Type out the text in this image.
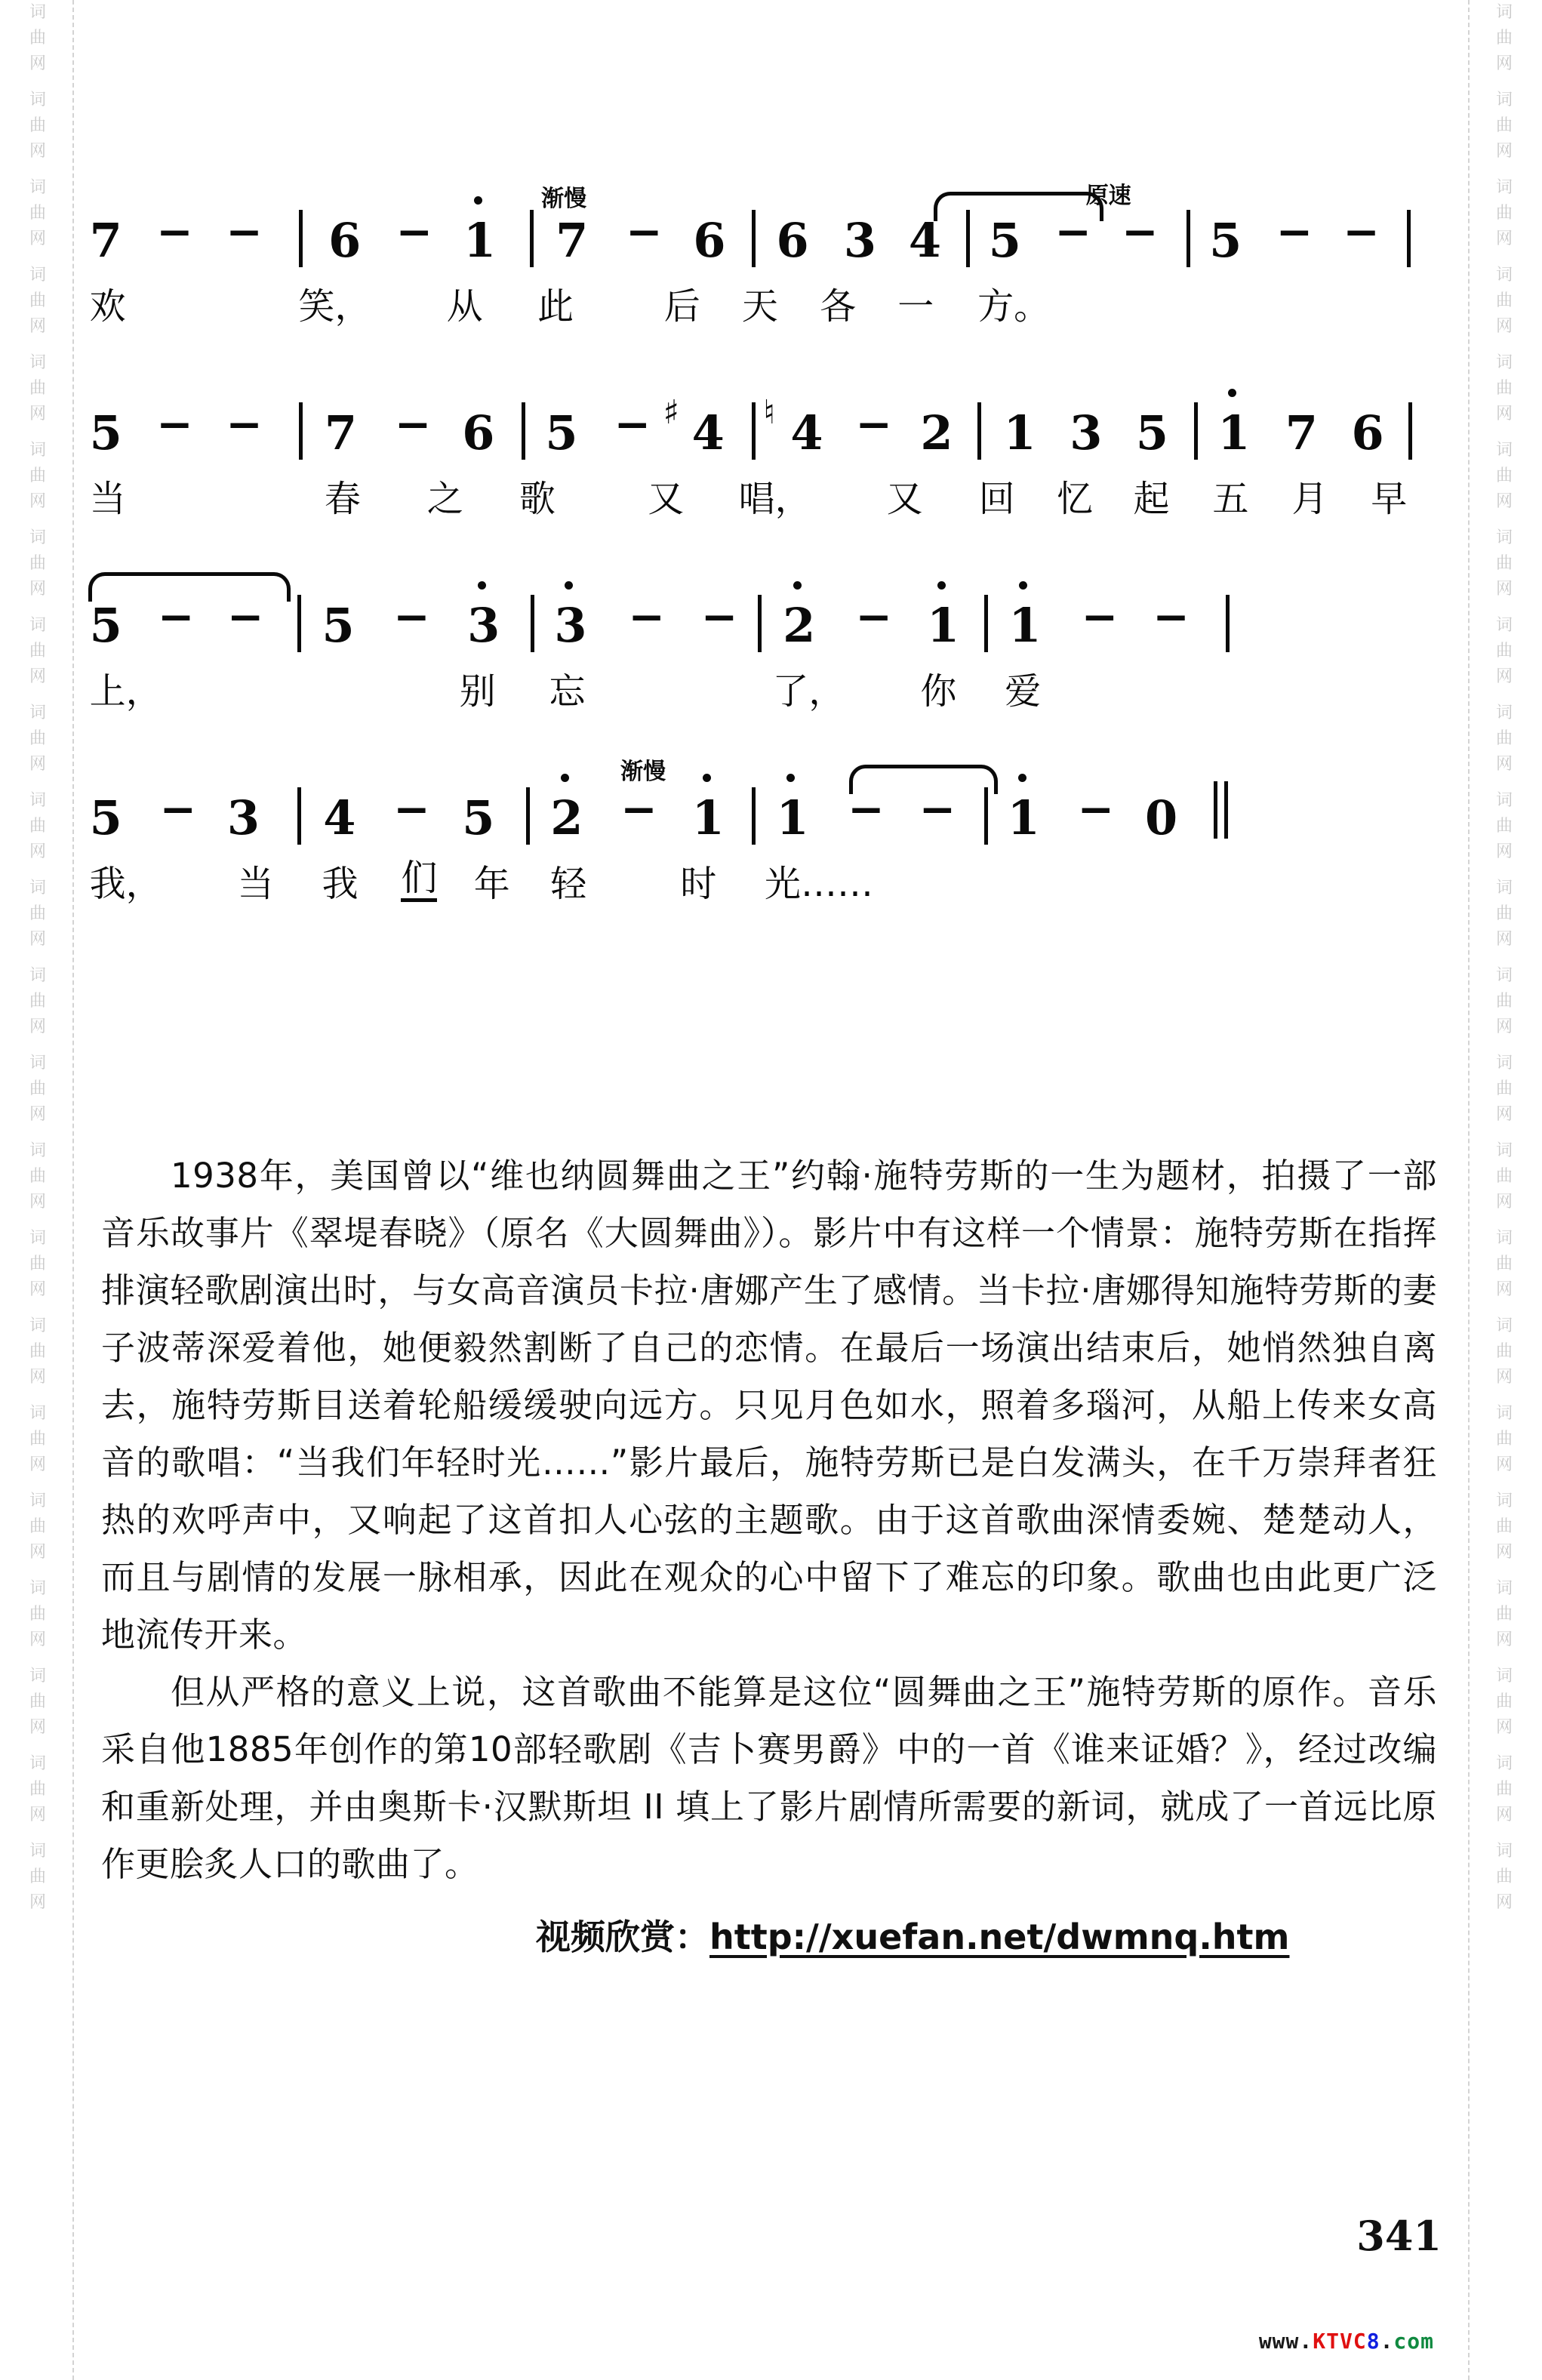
词
曲
网
词
曲
网
词
曲
网
词
曲
网
词
曲
网
词
曲
网
词
曲
网
词
曲
网
词
曲
网
词
曲
网
词
曲
网
词
曲
网
词
曲
网
词
曲
网
词
曲
网
词
曲
网
词
曲
网
词
曲
网
词
曲
网
词
曲
网
词
曲
网
词
曲
网
词
曲
网
词
曲
网
词
曲
网
词
曲
网
词
曲
网
词
曲
网
词
曲
网
词
曲
网
词
曲
网
词
曲
网
词
曲
网
词
曲
网
词
曲
网
词
曲
网
词
曲
网
词
曲
网
词
曲
网
词
曲
网
词
曲
网
词
曲
网
词
曲
网
词
曲
网
渐慢	原速
7 − − 6 − 1 7 − 6 6 3 4 5 − − 5 − −
欢	笑， 从 此 后 天 各 一 方。
5 − − 7 − 6 5 − ♯ 4 ♮ 4 − 2 1 3 5 1 7 6
当	春 之 歌	又 唱， 又 回 忆 起 五 月 早
5 − − 5 − 3 3 − − 2 − 1 1 − −
上，	别 忘	了， 你 爱
渐慢
5 − 3 4 − 5 2 − 1 1 − − 1 − 0
我， 当 我 们 年 轻	时 光……

1938年，美国曾以“维也纳圆舞曲之王”约翰·施特劳斯的一生为题材，拍摄了一部音乐故事片《翠堤春晓》（原名《大圆舞曲》）。影片中有这样一个情景：施特劳斯在指挥排演轻歌剧演出时，与女高音演员卡拉·唐娜产生了感情。当卡拉·唐娜得知施特劳斯的妻子波蒂深爱着他，她便毅然割断了自己的恋情。在最后一场演出结束后，她悄然独自离去，施特劳斯目送着轮船缓缓驶向远方。只见月色如水，照着多瑙河，从船上传来女高音的歌唱：“当我们年轻时光……”影片最后，施特劳斯已是白发满头，在千万崇拜者狂热的欢呼声中，又响起了这首扣人心弦的主题歌。由于这首歌曲深情委婉、楚楚动人，而且与剧情的发展一脉相承，因此在观众的心中留下了难忘的印象。歌曲也由此更广泛地流传开来。

但从严格的意义上说，这首歌曲不能算是这位“圆舞曲之王”施特劳斯的原作。音乐采自他1885年创作的第10部轻歌剧《吉卜赛男爵》中的一首《谁来证婚？》，经过改编和重新处理，并由奥斯卡·汉默斯坦 II 填上了影片剧情所需要的新词，就成了一首远比原作更脍炙人口的歌曲了。

视频欣赏：http://xuefan.net/dwmnq.htm
341
www.KTVC8.com
